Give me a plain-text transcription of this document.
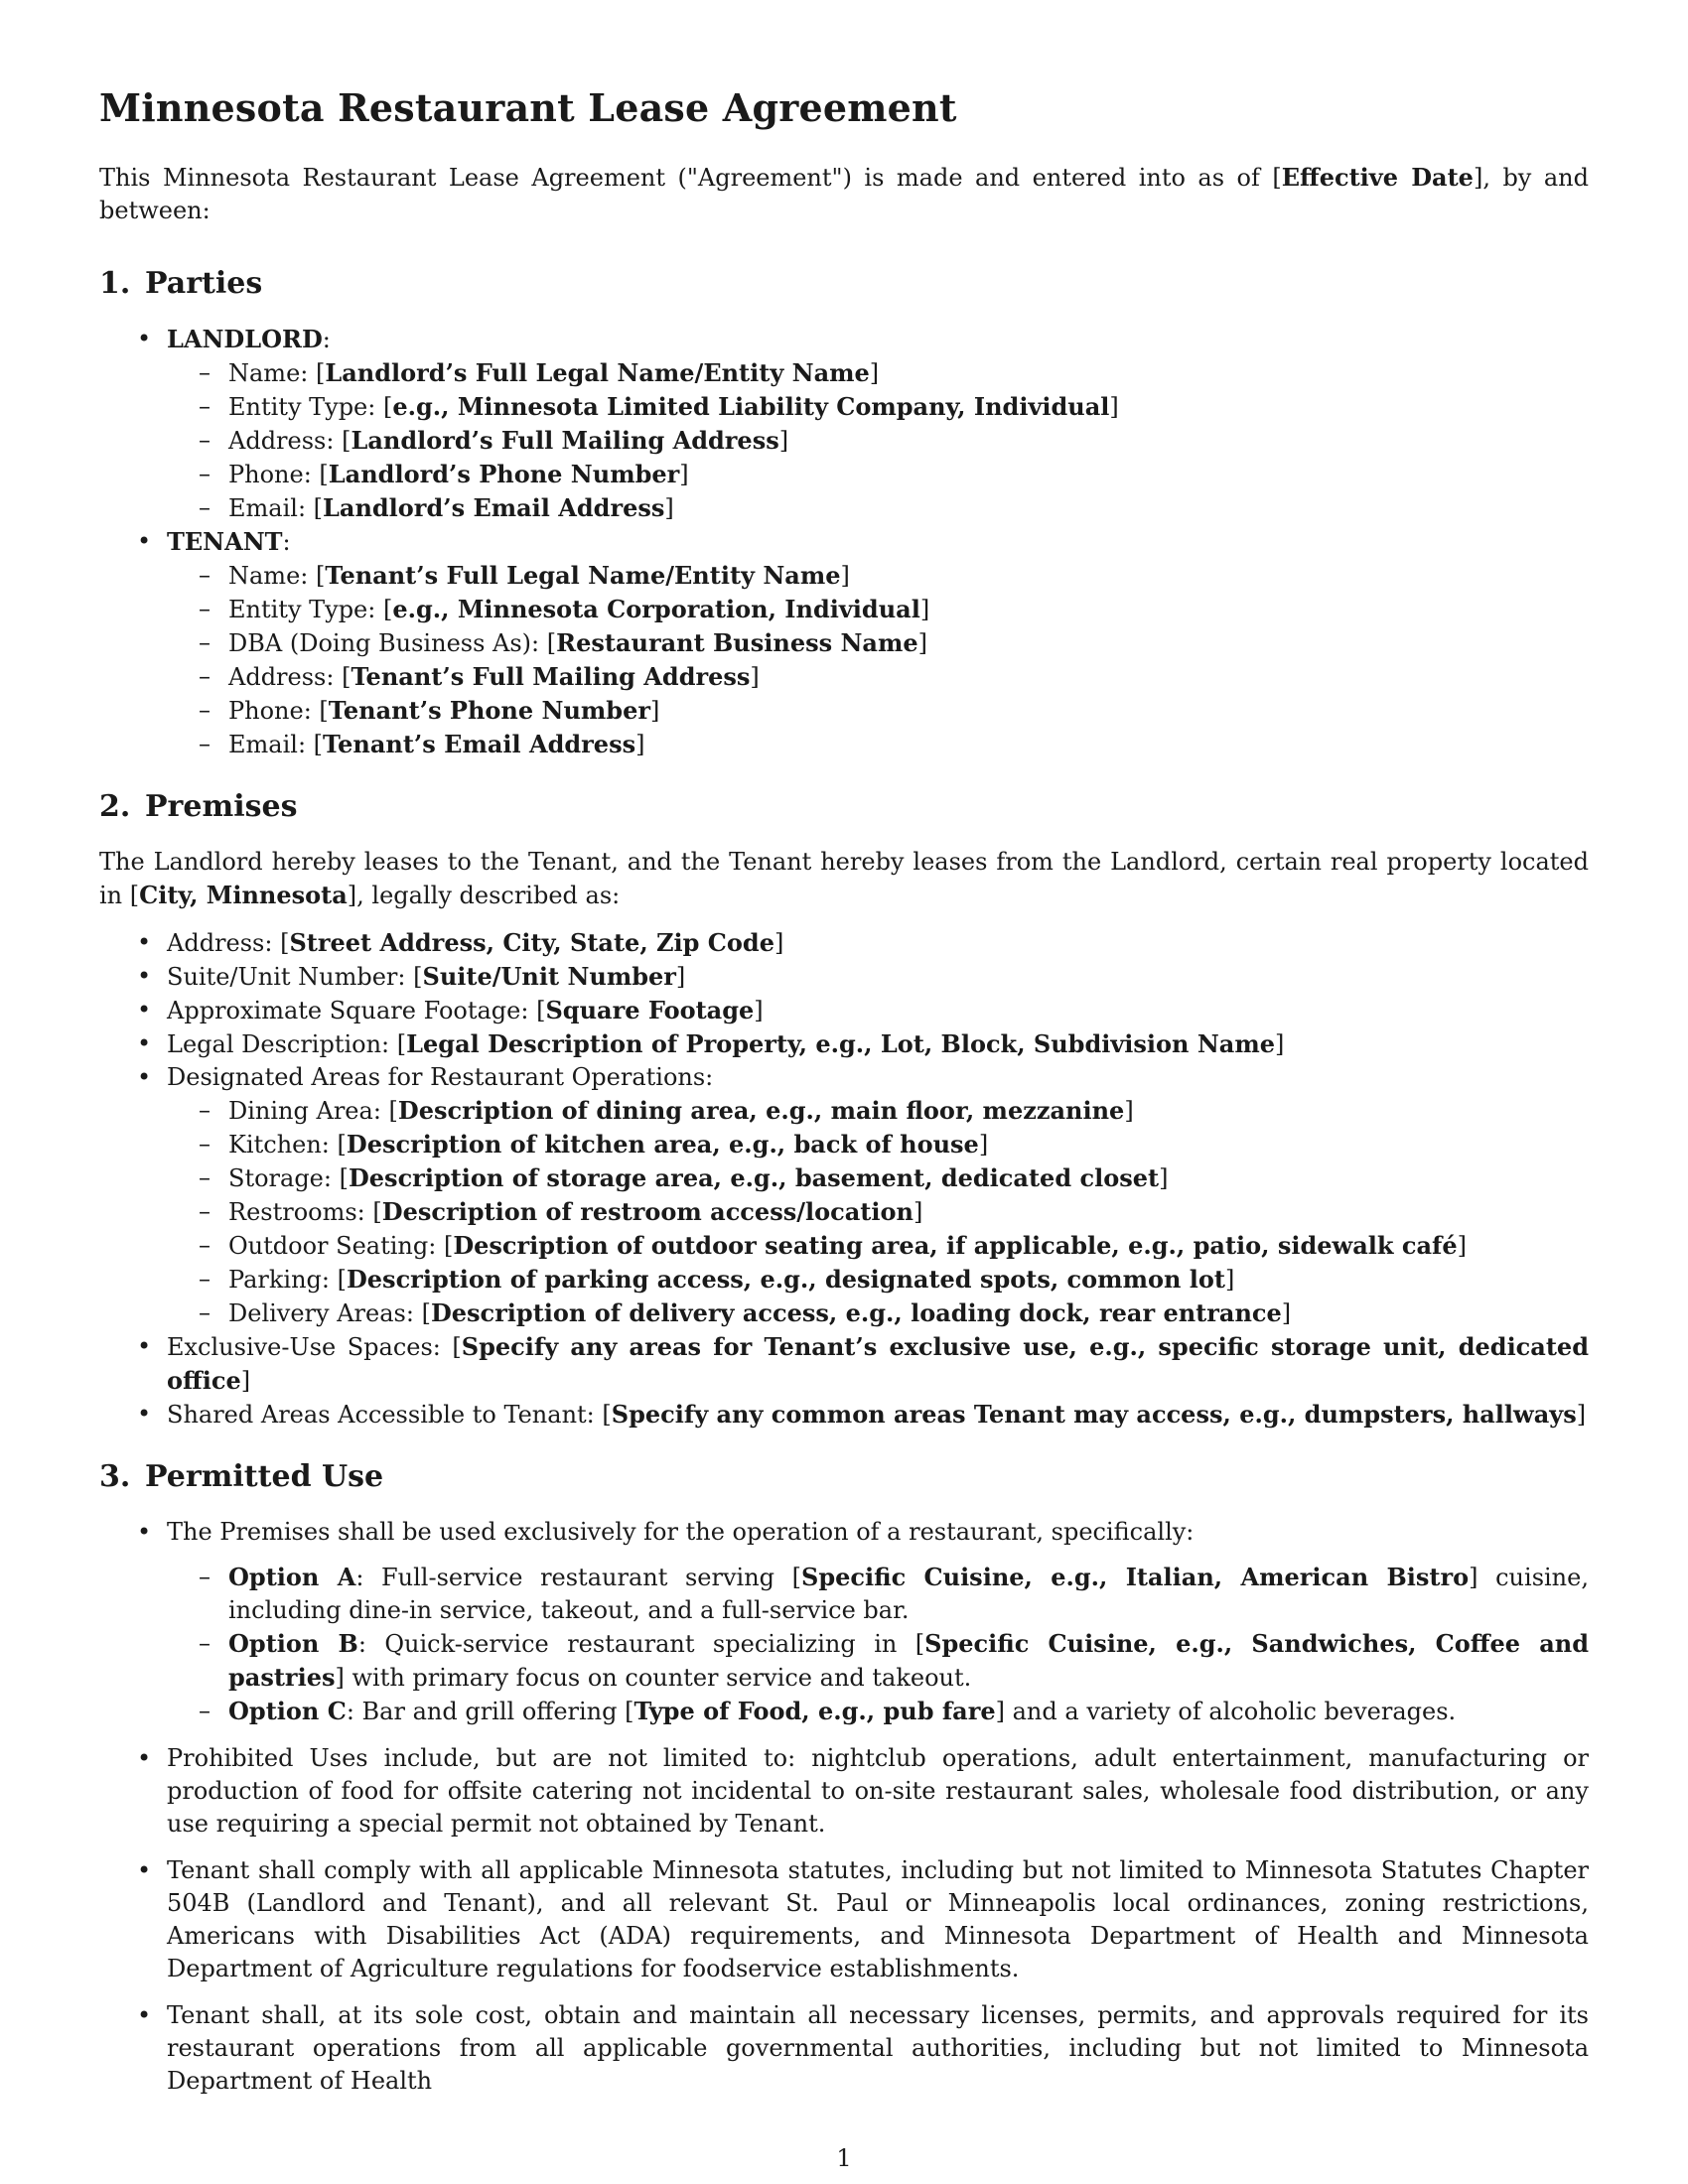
Minnesota Restaurant Lease Agreement

This Minnesota Restaurant Lease Agreement ("Agreement") is made and entered into as of [Effective Date], by and between:

1. Parties
• LANDLORD:
– Name: [Landlord’s Full Legal Name/Entity Name]
– Entity Type: [e.g., Minnesota Limited Liability Company, Individual]
– Address: [Landlord’s Full Mailing Address]
– Phone: [Landlord’s Phone Number]
– Email: [Landlord’s Email Address]
• TENANT:
– Name: [Tenant’s Full Legal Name/Entity Name]
– Entity Type: [e.g., Minnesota Corporation, Individual]
– DBA (Doing Business As): [Restaurant Business Name]
– Address: [Tenant’s Full Mailing Address]
– Phone: [Tenant’s Phone Number]
– Email: [Tenant’s Email Address]
2. Premises

The Landlord hereby leases to the Tenant, and the Tenant hereby leases from the Landlord, certain real property located in [City, Minnesota], legally described as:

• Address: [Street Address, City, State, Zip Code]
• Suite/Unit Number: [Suite/Unit Number]
• Approximate Square Footage: [Square Footage]
• Legal Description: [Legal Description of Property, e.g., Lot, Block, Subdivision Name]
• Designated Areas for Restaurant Operations:
– Dining Area: [Description of dining area, e.g., main floor, mezzanine]
– Kitchen: [Description of kitchen area, e.g., back of house]
– Storage: [Description of storage area, e.g., basement, dedicated closet]
– Restrooms: [Description of restroom access/location]
– Outdoor Seating: [Description of outdoor seating area, if applicable, e.g., patio, sidewalk café]
– Parking: [Description of parking access, e.g., designated spots, common lot]
– Delivery Areas: [Description of delivery access, e.g., loading dock, rear entrance]
• Exclusive-Use Spaces: [Specify any areas for Tenant’s exclusive use, e.g., specific storage unit, dedicated office]
• Shared Areas Accessible to Tenant: [Specify any common areas Tenant may access, e.g., dumpsters, hallways]
3. Permitted Use
• The Premises shall be used exclusively for the operation of a restaurant, specifically:
– Option A: Full-service restaurant serving [Specific Cuisine, e.g., Italian, American Bistro] cuisine, including dine-in service, takeout, and a full-service bar.
– Option B: Quick-service restaurant specializing in [Specific Cuisine, e.g., Sandwiches, Coffee and pastries] with primary focus on counter service and takeout.
– Option C: Bar and grill offering [Type of Food, e.g., pub fare] and a variety of alcoholic beverages.
• Prohibited Uses include, but are not limited to: nightclub operations, adult entertainment, manufacturing or production of food for offsite catering not incidental to on-site restaurant sales, wholesale food distribution, or any use requiring a special permit not obtained by Tenant.
• Tenant shall comply with all applicable Minnesota statutes, including but not limited to Minnesota Statutes Chapter 504B (Landlord and Tenant), and all relevant St. Paul or Minneapolis local ordinances, zoning restrictions, Americans with Disabilities Act (ADA) requirements, and Minnesota Department of Health and Minnesota Department of Agriculture regulations for foodservice establishments.
• Tenant shall, at its sole cost, obtain and maintain all necessary licenses, permits, and approvals required for its restaurant operations from all applicable governmental authorities, including but not limited to Minnesota Department of Health
1
